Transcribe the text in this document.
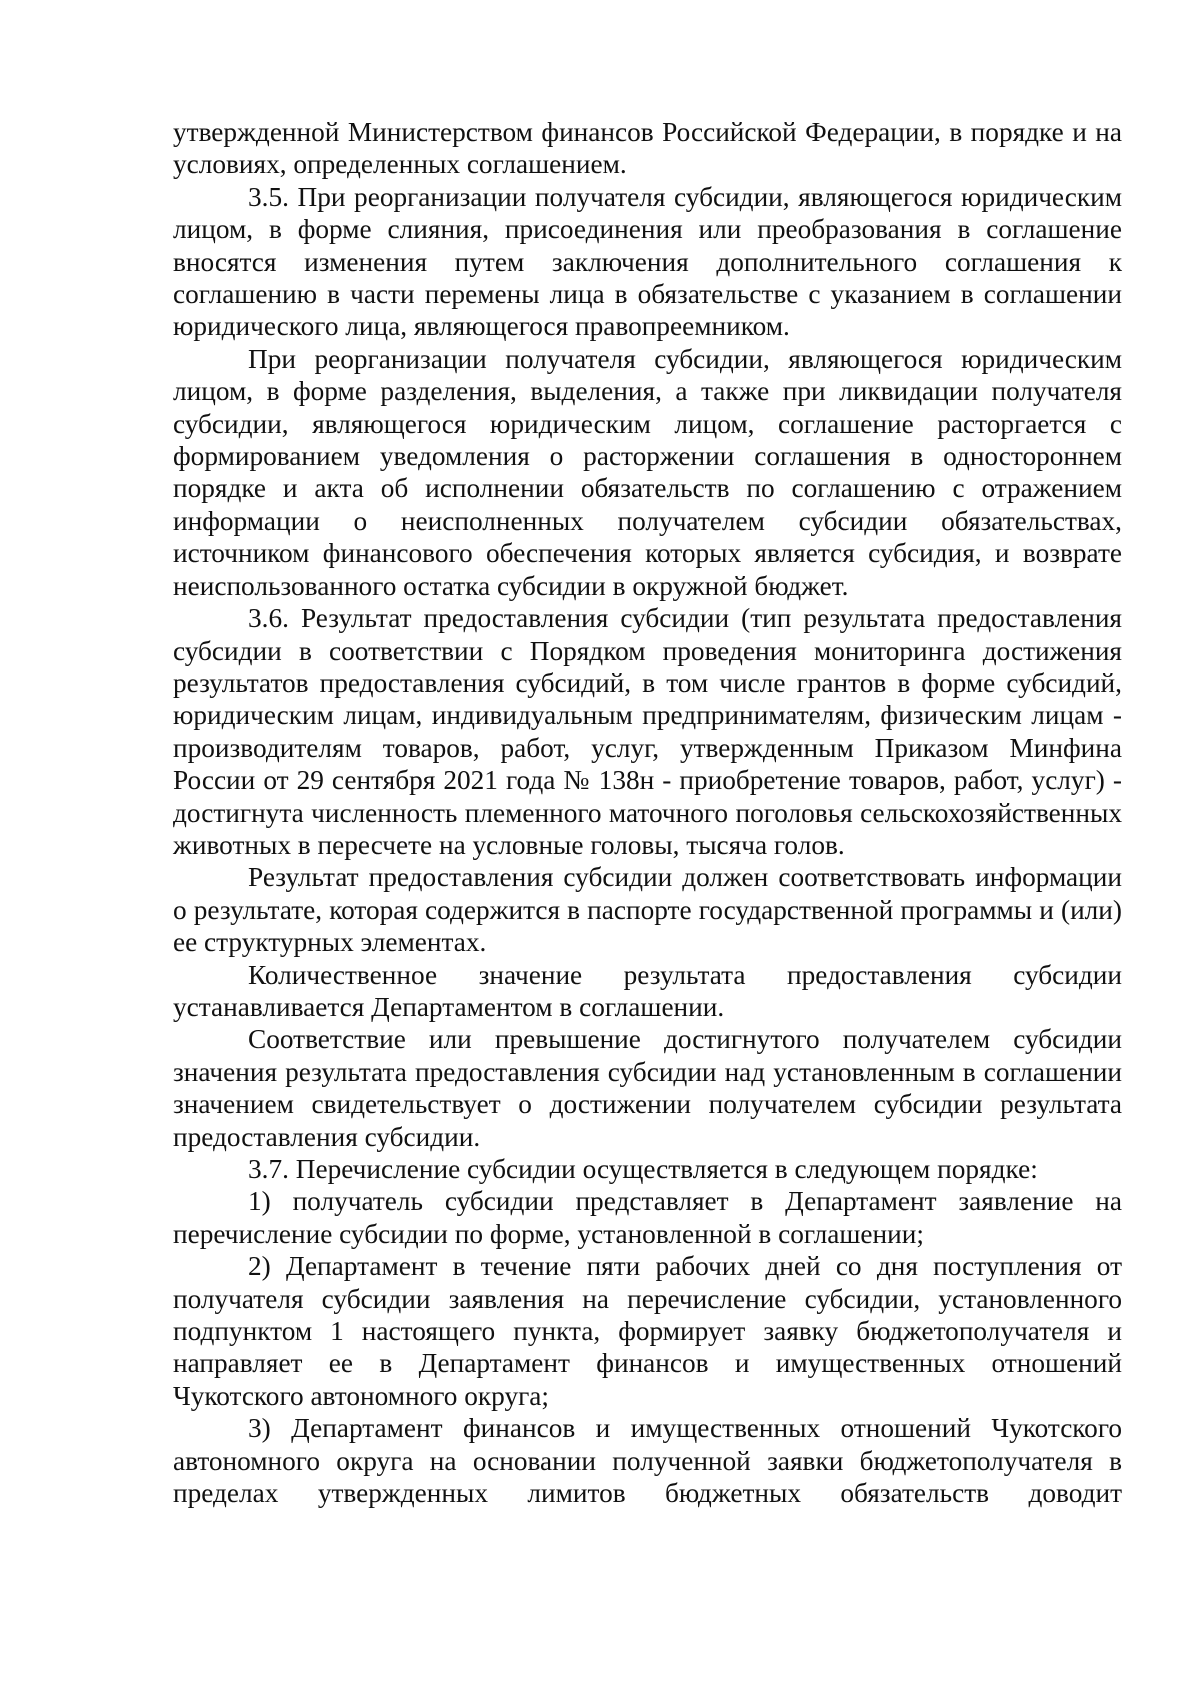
утвержденной Министерством финансов Российской Федерации, в порядке и на условиях, определенных соглашением.

3.5. При реорганизации получателя субсидии, являющегося юридическим лицом, в форме слияния, присоединения или преобразования в соглашение вносятся изменения путем заключения дополнительного соглашения к соглашению в части перемены лица в обязательстве с указанием в соглашении юридического лица, являющегося правопреемником.

При реорганизации получателя субсидии, являющегося юридическим лицом, в форме разделения, выделения, а также при ликвидации получателя субсидии, являющегося юридическим лицом, соглашение расторгается с формированием уведомления о расторжении соглашения в одностороннем порядке и акта об исполнении обязательств по соглашению с отражением информации о неисполненных получателем субсидии обязательствах, источником финансового обеспечения которых является субсидия, и возврате неиспользованного остатка субсидии в окружной бюджет.

3.6. Результат предоставления субсидии (тип результата предоставления субсидии в соответствии с Порядком проведения мониторинга достижения результатов предоставления субсидий, в том числе грантов в форме субсидий, юридическим лицам, индивидуальным предпринимателям, физическим лицам - производителям товаров, работ, услуг, утвержденным Приказом Минфина России от 29 сентября 2021 года № 138н - приобретение товаров, работ, услуг) - достигнута численность племенного маточного поголовья сельскохозяйственных животных в пересчете на условные головы, тысяча голов.

Результат предоставления субсидии должен соответствовать информации о результате, которая содержится в паспорте государственной программы и (или) ее структурных элементах.

Количественное значение результата предоставления субсидии устанавливается Департаментом в соглашении.

Соответствие или превышение достигнутого получателем субсидии значения результата предоставления субсидии над установленным в соглашении значением свидетельствует о достижении получателем субсидии результата предоставления субсидии.

3.7. Перечисление субсидии осуществляется в следующем порядке:

1) получатель субсидии представляет в Департамент заявление на перечисление субсидии по форме, установленной в соглашении;

2) Департамент в течение пяти рабочих дней со дня поступления от получателя субсидии заявления на перечисление субсидии, установленного подпунктом 1 настоящего пункта, формирует заявку бюджетополучателя и направляет ее в Департамент финансов и имущественных отношений Чукотского автономного округа;

3) Департамент финансов и имущественных отношений Чукотского автономного округа на основании полученной заявки бюджетополучателя в пределах утвержденных лимитов бюджетных обязательств доводит
